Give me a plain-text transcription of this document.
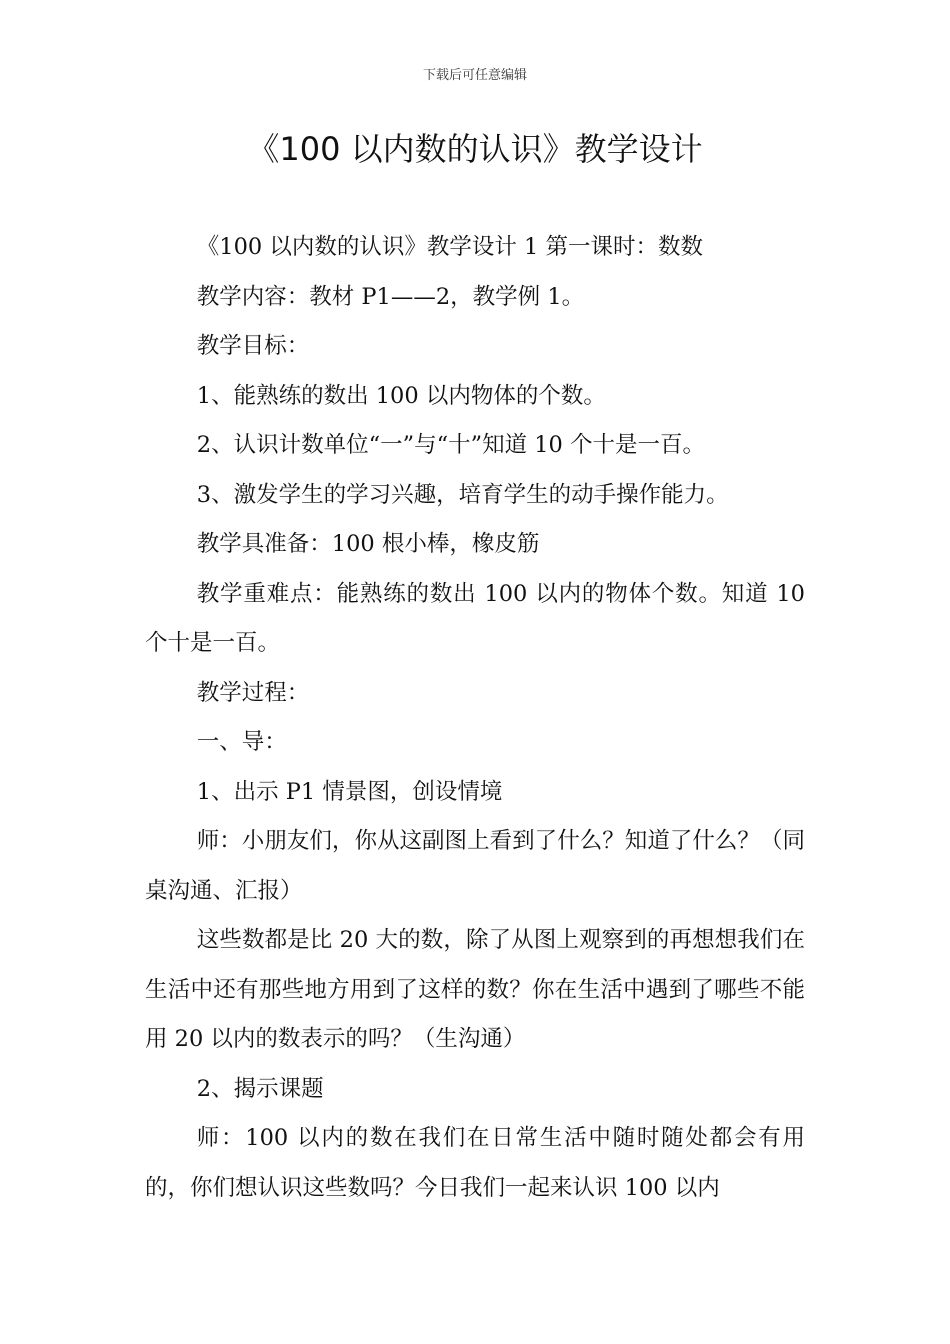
下载后可任意编辑
《100 以内数的认识》教学设计

《100 以内数的认识》教学设计 1 第一课时：数数

教学内容：教材 P1——2，教学例 1。

教学目标：

1、能熟练的数出 100 以内物体的个数。

2、认识计数单位“一”与“十”知道 10 个十是一百。

3、激发学生的学习兴趣，培育学生的动手操作能力。

教学具准备：100 根小棒，橡皮筋

教学重难点：能熟练的数出 100 以内的物体个数。知道 10 个十是一百。

教学过程：

一、导：

1、出示 P1 情景图，创设情境

师：小朋友们，你从这副图上看到了什么？知道了什么？（同桌沟通、汇报）

这些数都是比 20 大的数，除了从图上观察到的再想想我们在生活中还有那些地方用到了这样的数？你在生活中遇到了哪些不能用 20 以内的数表示的吗？（生沟通）

2、揭示课题

师：100 以内的数在我们在日常生活中随时随处都会有用的，你们想认识这些数吗？今日我们一起来认识 100 以内
